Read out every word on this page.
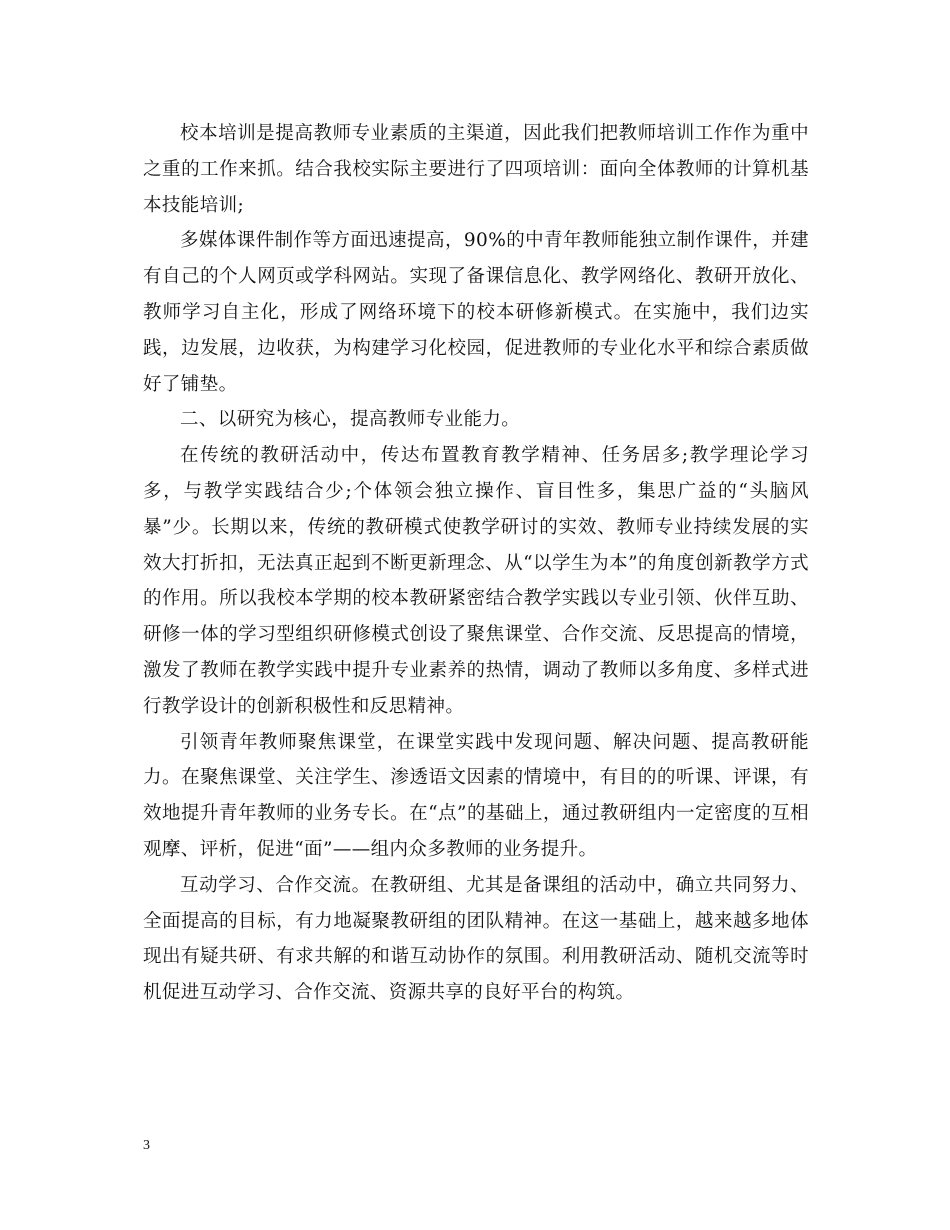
校本培训是提高教师专业素质的主渠道，因此我们把教师培训工作作为重中之重的工作来抓。结合我校实际主要进行了四项培训：面向全体教师的计算机基本技能培训;

多媒体课件制作等方面迅速提高，90%的中青年教师能独立制作课件，并建有自己的个人网页或学科网站。实现了备课信息化、教学网络化、教研开放化、教师学习自主化，形成了网络环境下的校本研修新模式。在实施中，我们边实践，边发展，边收获，为构建学习化校园，促进教师的专业化水平和综合素质做好了铺垫。

二、以研究为核心，提高教师专业能力。

在传统的教研活动中，传达布置教育教学精神、任务居多;教学理论学习多，与教学实践结合少;个体领会独立操作、盲目性多，集思广益的“头脑风暴”少。长期以来，传统的教研模式使教学研讨的实效、教师专业持续发展的实效大打折扣，无法真正起到不断更新理念、从“以学生为本”的角度创新教学方式的作用。所以我校本学期的校本教研紧密结合教学实践以专业引领、伙伴互助、研修一体的学习型组织研修模式创设了聚焦课堂、合作交流、反思提高的情境，激发了教师在教学实践中提升专业素养的热情，调动了教师以多角度、多样式进行教学设计的创新积极性和反思精神。

引领青年教师聚焦课堂，在课堂实践中发现问题、解决问题、提高教研能力。在聚焦课堂、关注学生、渗透语文因素的情境中，有目的的听课、评课，有效地提升青年教师的业务专长。在“点”的基础上，通过教研组内一定密度的互相观摩、评析，促进“面”——组内众多教师的业务提升。

互动学习、合作交流。在教研组、尤其是备课组的活动中，确立共同努力、全面提高的目标，有力地凝聚教研组的团队精神。在这一基础上，越来越多地体现出有疑共研、有求共解的和谐互动协作的氛围。利用教研活动、随机交流等时机促进互动学习、合作交流、资源共享的良好平台的构筑。

3
